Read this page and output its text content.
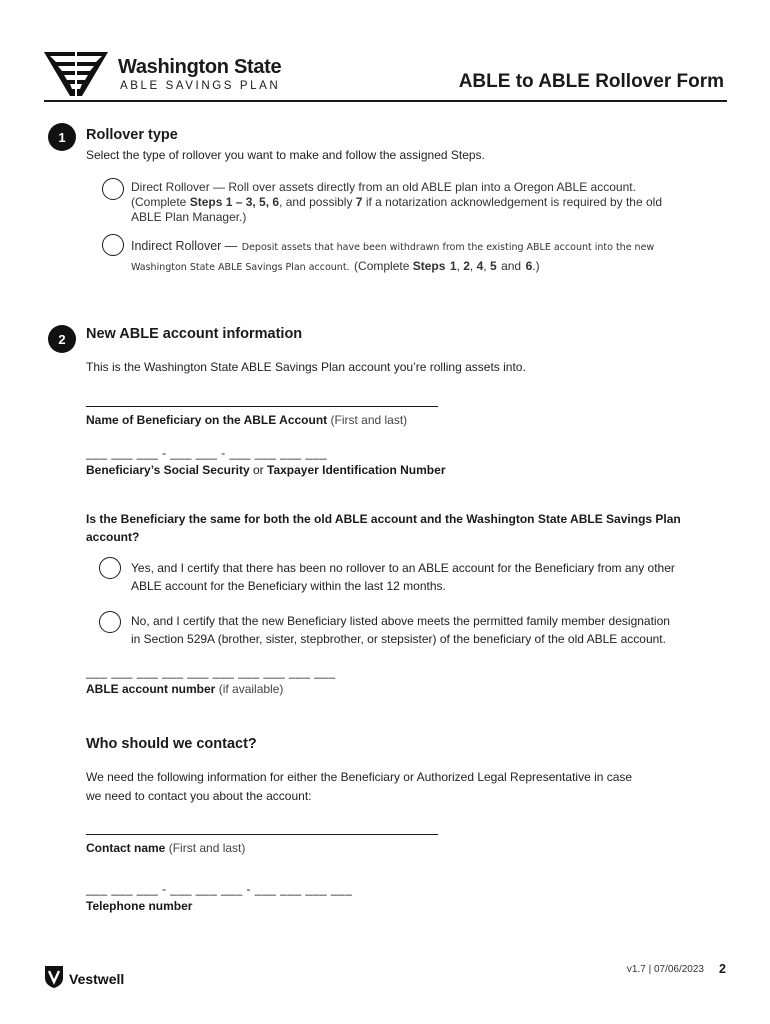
Washington State
ABLE SAVINGS PLAN	ABLE to ABLE Rollover Form
1	Rollover type
Select the type of rollover you want to make and follow the assigned Steps.
Direct Rollover — Roll over assets directly from an old ABLE plan into a Oregon ABLE account.
(Complete Steps 1 – 3, 5, 6, and possibly 7 if a notarization acknowledgement is required by the old
ABLE Plan Manager.)
Indirect Rollover — Deposit assets that have been withdrawn from the existing ABLE account into the new
Washington State ABLE Savings Plan account. (Complete Steps 1, 2, 4, 5 and 6.)
2	New ABLE account information
This is the Washington State ABLE Savings Plan account you’re rolling assets into.
Name of Beneficiary on the ABLE Account (First and last)
___ ___ ___ - ___ ___ - ___ ___ ___ ___
Beneficiary’s Social Security or Taxpayer Identification Number
Is the Beneficiary the same for both the old ABLE account and the Washington State ABLE Savings Plan
account?
Yes, and I certify that there has been no rollover to an ABLE account for the Beneficiary from any other
ABLE account for the Beneficiary within the last 12 months.
No, and I certify that the new Beneficiary listed above meets the permitted family member designation
in Section 529A (brother, sister, stepbrother, or stepsister) of the beneficiary of the old ABLE account.
___ ___ ___ ___ ___ ___ ___ ___ ___ ___
ABLE account number (if available)
Who should we contact?
We need the following information for either the Beneficiary or Authorized Legal Representative in case
we need to contact you about the account:
Contact name (First and last)
___ ___ ___ - ___ ___ ___ - ___ ___ ___ ___
Telephone number
Vestwell
v1.7 | 07/06/2023 2
